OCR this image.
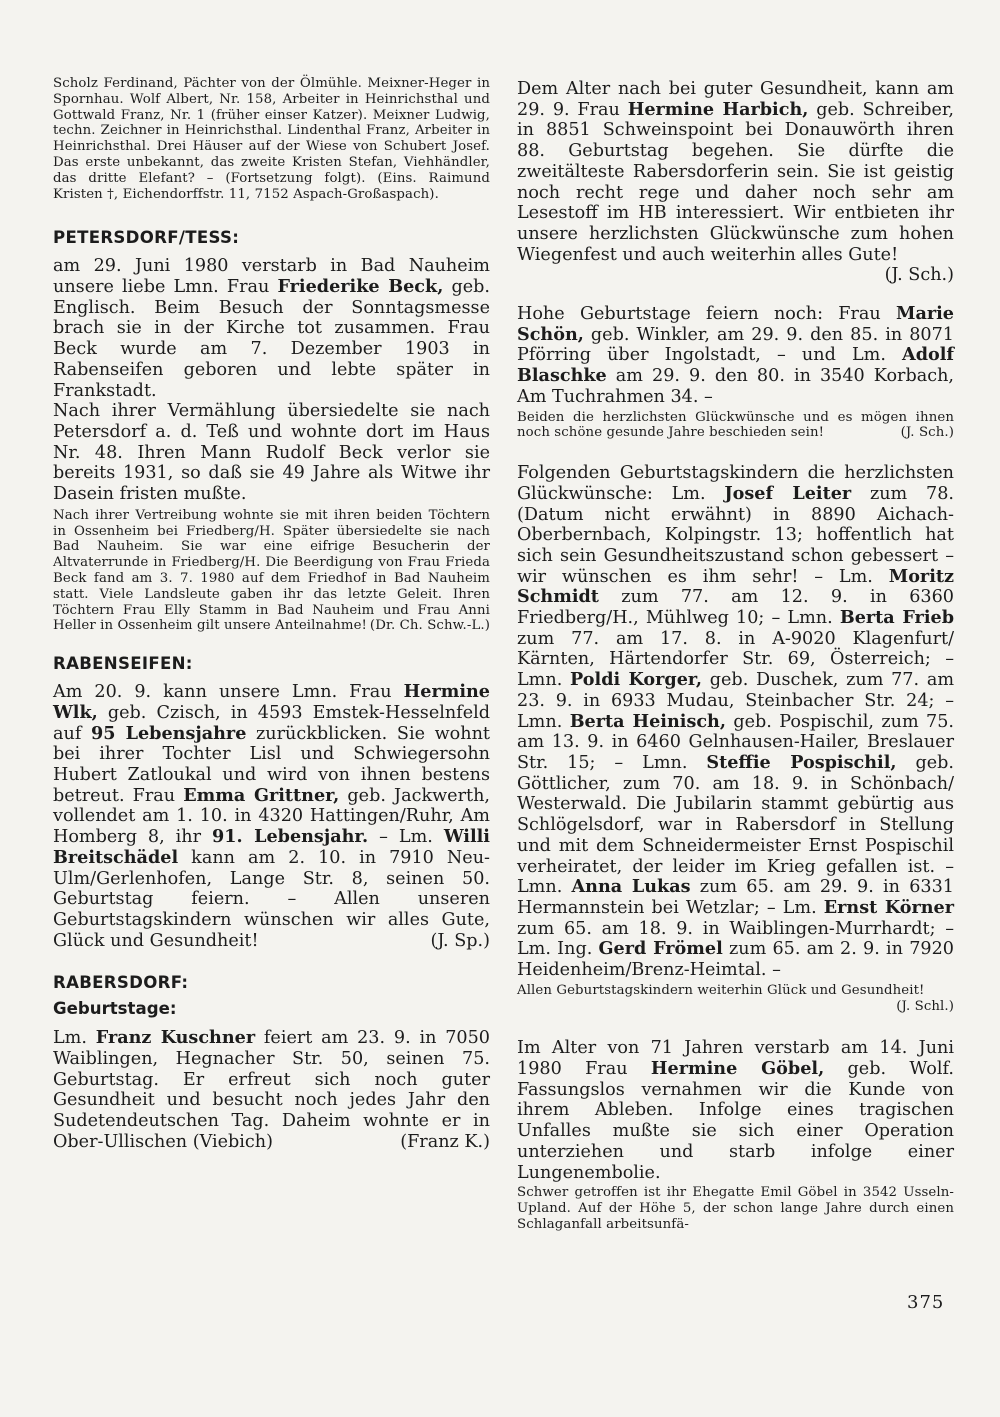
Scholz Ferdinand, Pächter von der Ölmühle. Meixner-Heger in Spornhau. Wolf Albert, Nr. 158, Arbeiter in Heinrichsthal und Gottwald Franz, Nr. 1 (früher einser Katzer). Meixner Ludwig, techn. Zeichner in Heinrichsthal. Lindenthal Franz, Arbeiter in Heinrichsthal. Drei Häuser auf der Wiese von Schubert Josef. Das erste unbekannt, das zweite Kristen Stefan, Viehhändler, das dritte Elefant? – (Fortsetzung folgt). (Eins. Raimund Kristen †, Eichendorffstr. 11, 7152 Aspach-Großaspach).

PETERSDORF/TESS:

am 29. Juni 1980 verstarb in Bad Nauheim unsere liebe Lmn. Frau Friederike Beck, geb. Englisch. Beim Besuch der Sonntagsmesse brach sie in der Kirche tot zusammen. Frau Beck wurde am 7. Dezember 1903 in Rabenseifen geboren und lebte später in Frankstadt.

Nach ihrer Vermählung übersiedelte sie nach Petersdorf a. d. Teß und wohnte dort im Haus Nr. 48. Ihren Mann Rudolf Beck verlor sie bereits 1931, so daß sie 49 Jahre als Witwe ihr Dasein fristen mußte.

Nach ihrer Vertreibung wohnte sie mit ihren beiden Töchtern in Ossenheim bei Friedberg/H. Später übersiedelte sie nach Bad Nauheim. Sie war eine eifrige Besucherin der Altvaterrunde in Friedberg/H. Die Beerdigung von Frau Frieda Beck fand am 3. 7. 1980 auf dem Friedhof in Bad Nauheim statt. Viele Landsleute gaben ihr das letzte Geleit. Ihren Töchtern Frau Elly Stamm in Bad Nauheim und Frau Anni Heller in Ossenheim gilt unsere Anteilnahme! (Dr. Ch. Schw.-L.)

RABENSEIFEN:

Am 20. 9. kann unsere Lmn. Frau Hermine Wlk, geb. Czisch, in 4593 Emstek-Hesselnfeld auf 95 Lebensjahre zurückblicken. Sie wohnt bei ihrer Tochter Lisl und Schwiegersohn Hubert Zatloukal und wird von ihnen bestens betreut. Frau Emma Grittner, geb. Jackwerth, vollendet am 1. 10. in 4320 Hattingen/Ruhr, Am Homberg 8, ihr 91. Lebensjahr. – Lm. Willi Breitschädel kann am 2. 10. in 7910 Neu-Ulm/Gerlenhofen, Lange Str. 8, seinen 50. Geburtstag feiern. – Allen unseren Geburtstagskindern wünschen wir alles Gute, Glück und Gesundheit!	(J. Sp.)

RABERSDORF:
Geburtstage:

Lm. Franz Kuschner feiert am 23. 9. in 7050 Waiblingen, Hegnacher Str. 50, seinen 75. Geburtstag. Er erfreut sich noch guter Gesundheit und besucht noch jedes Jahr den Sudetendeutschen Tag. Daheim wohnte er in Ober-Ullischen (Viebich)	(Franz K.)

Dem Alter nach bei guter Gesundheit, kann am 29. 9. Frau Hermine Harbich, geb. Schreiber, in 8851 Schweinspoint bei Donauwörth ihren 88. Geburtstag begehen. Sie dürfte die zweitälteste Rabersdorferin sein. Sie ist geistig noch recht rege und daher noch sehr am Lesestoff im HB interessiert. Wir entbieten ihr unsere herzlichsten Glückwünsche zum hohen Wiegenfest und auch weiterhin alles Gute!
(J. Sch.)

Hohe Geburtstage feiern noch: Frau Marie Schön, geb. Winkler, am 29. 9. den 85. in 8071 Pförring über Ingolstadt, – und Lm. Adolf Blaschke am 29. 9. den 80. in 3540 Korbach, Am Tuchrahmen 34. –

Beiden die herzlichsten Glückwünsche und es mögen ihnen noch schöne gesunde Jahre beschieden sein!	(J. Sch.)

Folgenden Geburtstagskindern die herzlichsten Glückwünsche: Lm. Josef Leiter zum 78. (Datum nicht erwähnt) in 8890 Aichach-Oberbernbach, Kolpingstr. 13; hoffentlich hat sich sein Gesundheitszustand schon gebessert – wir wünschen es ihm sehr! – Lm. Moritz Schmidt zum 77. am 12. 9. in 6360 Friedberg/H., Mühlweg 10; – Lmn. Berta Frieb zum 77. am 17. 8. in A-9020 Klagenfurt/ Kärnten, Härtendorfer Str. 69, Österreich; – Lmn. Poldi Korger, geb. Duschek, zum 77. am 23. 9. in 6933 Mudau, Steinbacher Str. 24; – Lmn. Berta Heinisch, geb. Pospischil, zum 75. am 13. 9. in 6460 Gelnhausen-Hailer, Breslauer Str. 15; – Lmn. Steffie Pospischil, geb. Göttlicher, zum 70. am 18. 9. in Schönbach/ Westerwald. Die Jubilarin stammt gebürtig aus Schlögelsdorf, war in Rabersdorf in Stellung und mit dem Schneidermeister Ernst Pospischil verheiratet, der leider im Krieg gefallen ist. – Lmn. Anna Lukas zum 65. am 29. 9. in 6331 Hermannstein bei Wetzlar; – Lm. Ernst Körner zum 65. am 18. 9. in Waiblingen-Murrhardt; – Lm. Ing. Gerd Frömel zum 65. am 2. 9. in 7920 Heidenheim/Brenz-Heimtal. –

Allen Geburtstagskindern weiterhin Glück und Gesundheit!
(J. Schl.)

Im Alter von 71 Jahren verstarb am 14. Juni 1980 Frau Hermine Göbel, geb. Wolf. Fassungslos vernahmen wir die Kunde von ihrem Ableben. Infolge eines tragischen Unfalles mußte sie sich einer Operation unterziehen und starb infolge einer Lungenembolie.

Schwer getroffen ist ihr Ehegatte Emil Göbel in 3542 Usseln-Upland. Auf der Höhe 5, der schon lange Jahre durch einen Schlaganfall arbeitsunfä-

375
